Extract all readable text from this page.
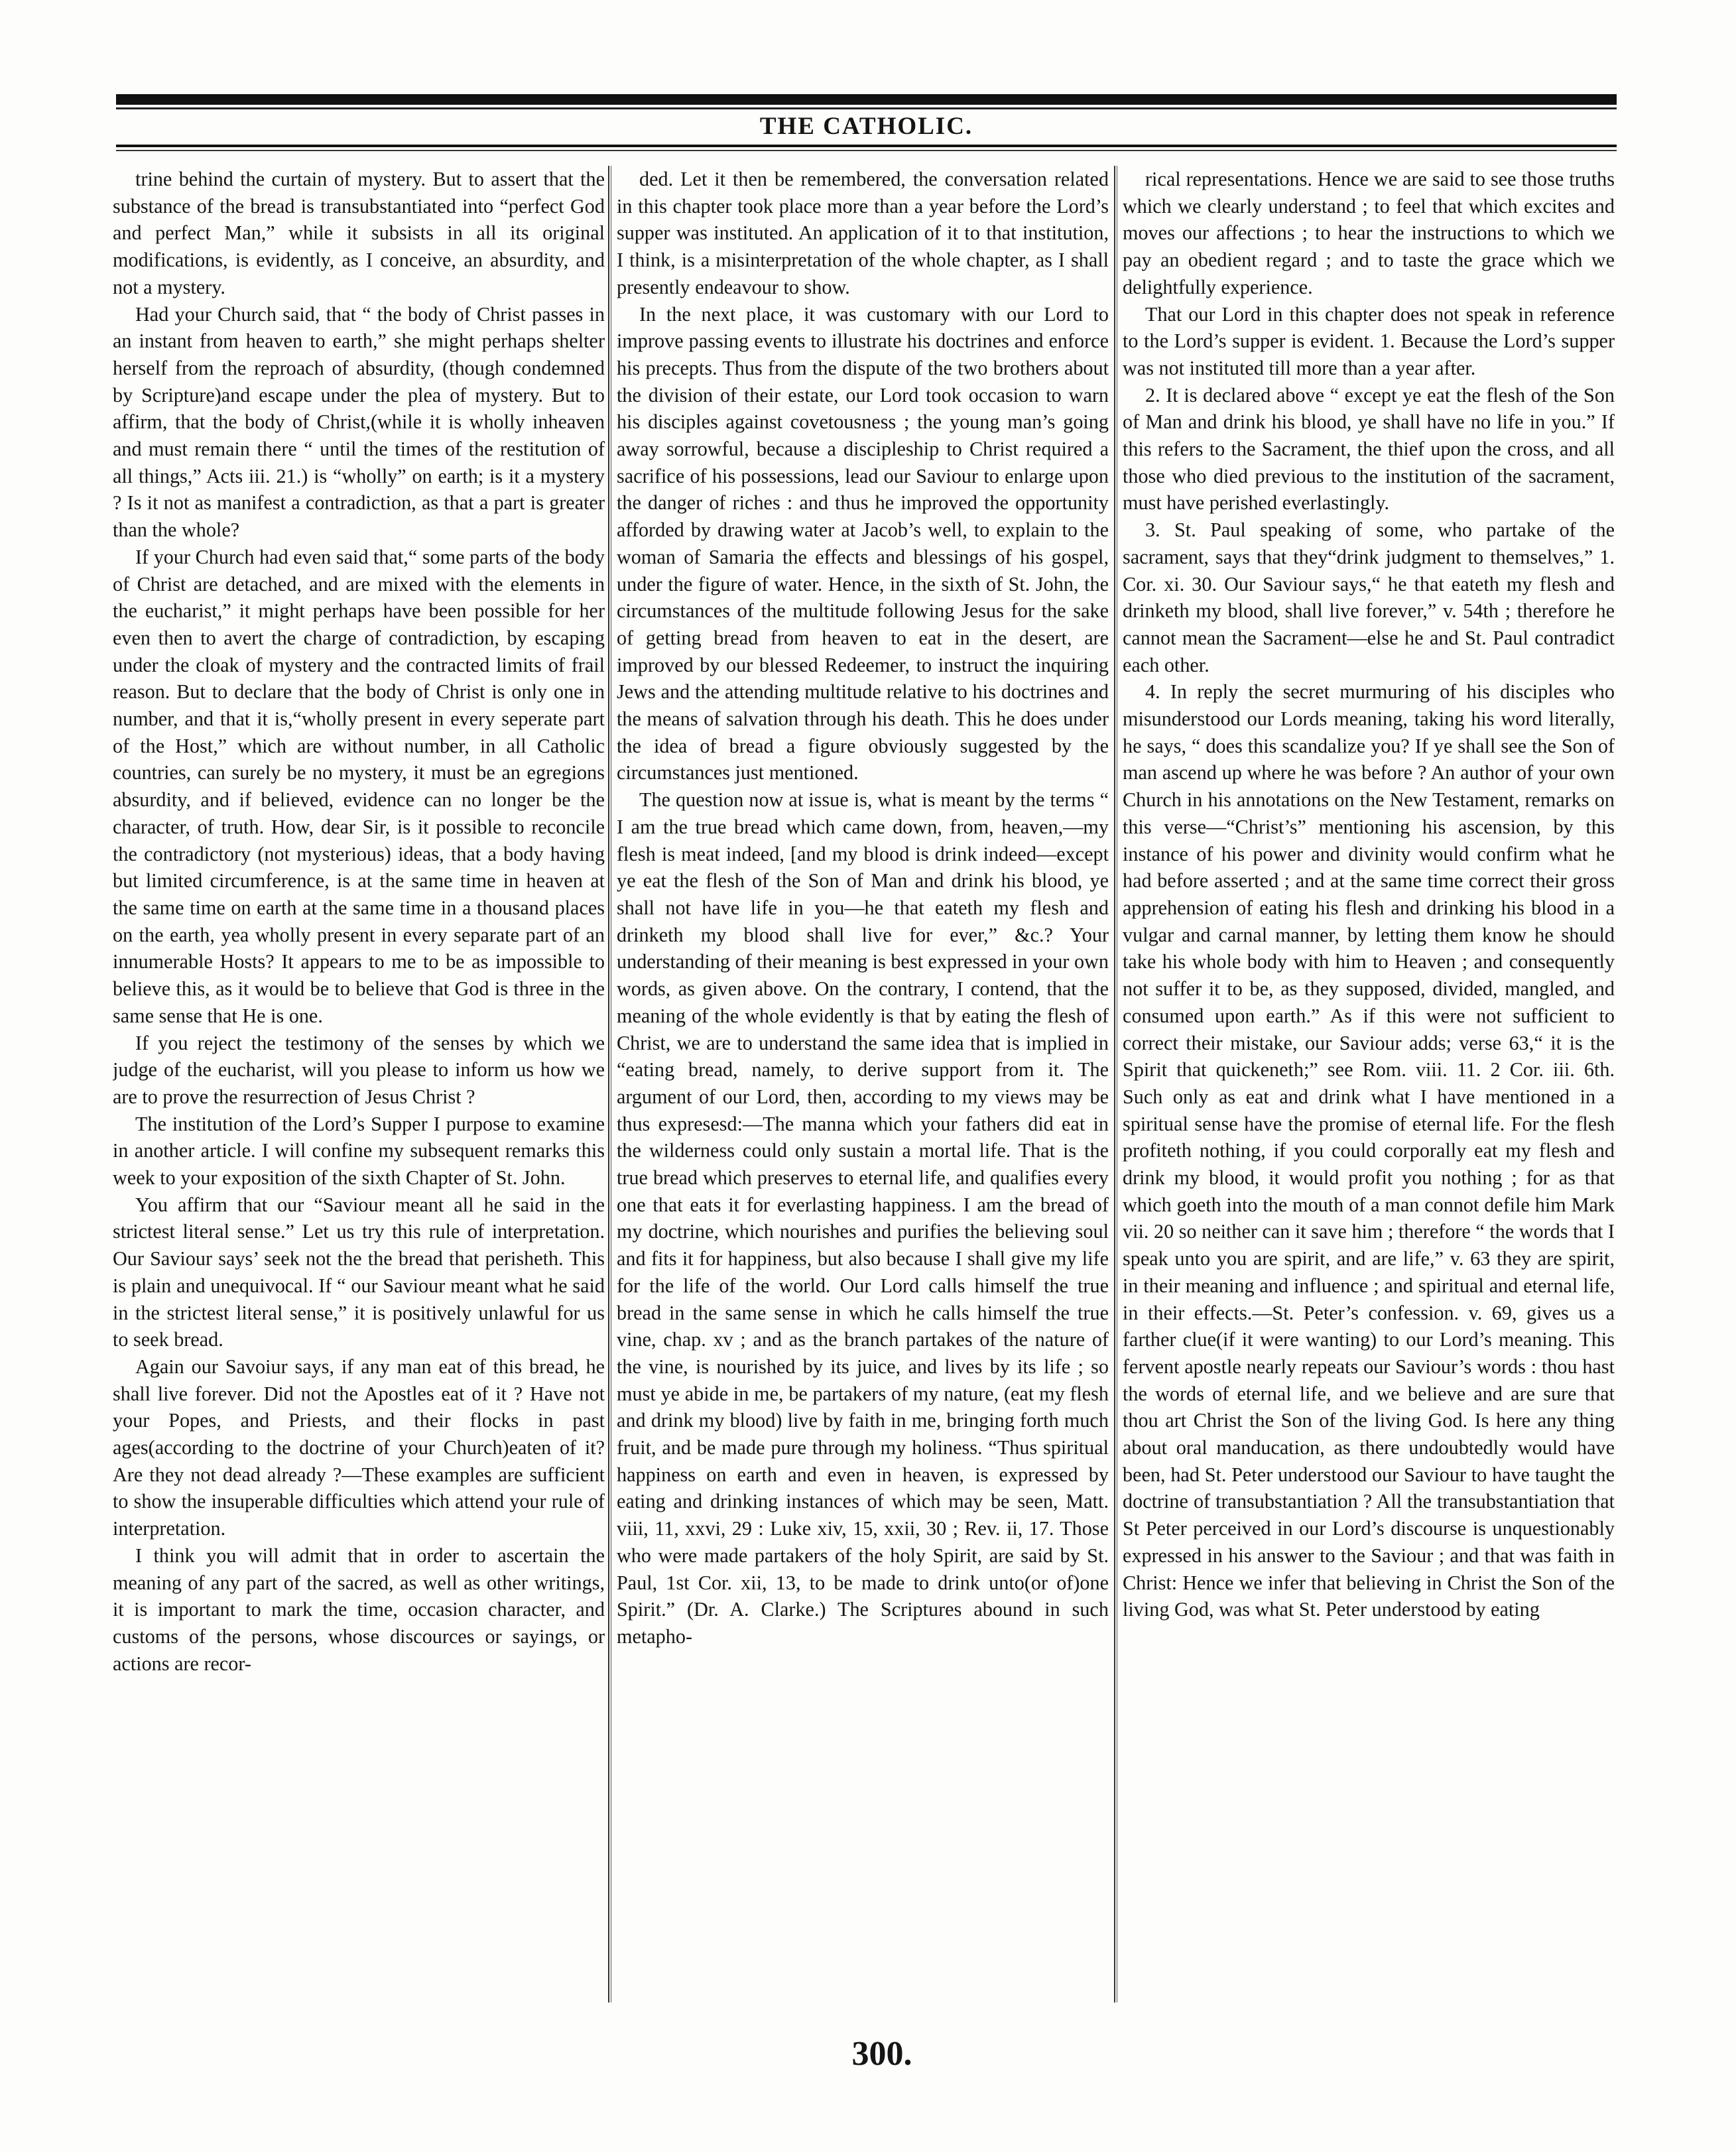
THE CATHOLIC.

trine behind the curtain of mystery. But to assert that the substance of the bread is transubstantiated into “perfect God and perfect Man,” while it subsists in all its original modifications, is evidently, as I conceive, an absurdity, and not a mystery.

Had your Church said, that “ the body of Christ passes in an instant from heaven to earth,” she might perhaps shelter herself from the reproach of absurdity, (though condemned by Scripture)and escape under the plea of mystery. But to affirm, that the body of Christ,(while it is wholly inheaven and must remain there “ until the times of the restitution of all things,” Acts iii. 21.) is “wholly” on earth; is it a mystery ? Is it not as manifest a contradiction, as that a part is greater than the whole?

If your Church had even said that,“ some parts of the body of Christ are detached, and are mixed with the elements in the eucharist,” it might perhaps have been possible for her even then to avert the charge of contradiction, by escaping under the cloak of mystery and the contracted limits of frail reason. But to declare that the body of Christ is only one in number, and that it is,“wholly present in every seperate part of the Host,” which are without number, in all Catholic countries, can surely be no mystery, it must be an egregions absurdity, and if believed, evidence can no longer be the character, of truth. How, dear Sir, is it possible to reconcile the contradictory (not mysterious) ideas, that a body having but limited circumference, is at the same time in heaven at the same time on earth at the same time in a thousand places on the earth, yea wholly present in every separate part of an innumerable Hosts? It appears to me to be as impossible to believe this, as it would be to believe that God is three in the same sense that He is one.

If you reject the testimony of the senses by which we judge of the eucharist, will you please to inform us how we are to prove the resurrection of Jesus Christ ?

The institution of the Lord’s Supper I purpose to examine in another article. I will confine my subsequent remarks this week to your exposition of the sixth Chapter of St. John.

You affirm that our “Saviour meant all he said in the strictest literal sense.” Let us try this rule of interpretation. Our Saviour says’ seek not the the bread that perisheth. This is plain and unequivocal. If “ our Saviour meant what he said in the strictest literal sense,” it is positively unlawful for us to seek bread.

Again our Savoiur says, if any man eat of this bread, he shall live forever. Did not the Apostles eat of it ? Have not your Popes, and Priests, and their flocks in past ages(according to the doctrine of your Church)eaten of it? Are they not dead already ?—These examples are sufficient to show the insuperable difficulties which attend your rule of interpretation.

I think you will admit that in order to ascertain the meaning of any part of the sacred, as well as other writings, it is important to mark the time, occasion character, and customs of the persons, whose discources or sayings, or actions are recor-

ded. Let it then be remembered, the conversation related in this chapter took place more than a year before the Lord’s supper was instituted. An application of it to that institution, I think, is a misinterpretation of the whole chapter, as I shall presently endeavour to show.

In the next place, it was customary with our Lord to improve passing events to illustrate his doctrines and enforce his precepts. Thus from the dispute of the two brothers about the division of their estate, our Lord took occasion to warn his disciples against covetousness ; the young man’s going away sorrowful, because a discipleship to Christ required a sacrifice of his possessions, lead our Saviour to enlarge upon the danger of riches : and thus he improved the opportunity afforded by drawing water at Jacob’s well, to explain to the woman of Samaria the effects and blessings of his gospel, under the figure of water. Hence, in the sixth of St. John, the circumstances of the multitude following Jesus for the sake of getting bread from heaven to eat in the desert, are improved by our blessed Redeemer, to instruct the inquiring Jews and the attending multitude relative to his doctrines and the means of salvation through his death. This he does under the idea of bread a figure obviously suggested by the circumstances just mentioned.

The question now at issue is, what is meant by the terms “ I am the true bread which came down, from, heaven,—my flesh is meat indeed, [and my blood is drink indeed—except ye eat the flesh of the Son of Man and drink his blood, ye shall not have life in you—he that eateth my flesh and drinketh my blood shall live for ever,” &c.? Your understanding of their meaning is best expressed in your own words, as given above. On the contrary, I contend, that the meaning of the whole evidently is that by eating the flesh of Christ, we are to understand the same idea that is implied in “eating bread, namely, to derive support from it. The argument of our Lord, then, according to my views may be thus expresesd:—The manna which your fathers did eat in the wilderness could only sustain a mortal life. That is the true bread which preserves to eternal life, and qualifies every one that eats it for everlasting happiness. I am the bread of my doctrine, which nourishes and purifies the believing soul and fits it for happiness, but also because I shall give my life for the life of the world. Our Lord calls himself the true bread in the same sense in which he calls himself the true vine, chap. xv ; and as the branch partakes of the nature of the vine, is nourished by its juice, and lives by its life ; so must ye abide in me, be partakers of my nature, (eat my flesh and drink my blood) live by faith in me, bringing forth much fruit, and be made pure through my holiness. “Thus spiritual happiness on earth and even in heaven, is expressed by eating and drinking instances of which may be seen, Matt. viii, 11, xxvi, 29 : Luke xiv, 15, xxii, 30 ; Rev. ii, 17. Those who were made partakers of the holy Spirit, are said by St. Paul, 1st Cor. xii, 13, to be made to drink unto(or of)one Spirit.” (Dr. A. Clarke.) The Scriptures abound in such metapho-

rical representations. Hence we are said to see those truths which we clearly understand ; to feel that which excites and moves our affections ; to hear the instructions to which we pay an obedient regard ; and to taste the grace which we delightfully experience.

That our Lord in this chapter does not speak in reference to the Lord’s supper is evident. 1. Because the Lord’s supper was not instituted till more than a year after.

2. It is declared above “ except ye eat the flesh of the Son of Man and drink his blood, ye shall have no life in you.” If this refers to the Sacrament, the thief upon the cross, and all those who died previous to the institution of the sacrament, must have perished everlastingly.

3. St. Paul speaking of some, who partake of the sacrament, says that they“drink judgment to themselves,” 1. Cor. xi. 30. Our Saviour says,“ he that eateth my flesh and drinketh my blood, shall live forever,” v. 54th ; therefore he cannot mean the Sacrament—else he and St. Paul contradict each other.

4. In reply the secret murmuring of his disciples who misunderstood our Lords meaning, taking his word literally, he says, “ does this scandalize you? If ye shall see the Son of man ascend up where he was before ? An author of your own Church in his annotations on the New Testament, remarks on this verse—“Christ’s” mentioning his ascension, by this instance of his power and divinity would confirm what he had before asserted ; and at the same time correct their gross apprehension of eating his flesh and drinking his blood in a vulgar and carnal manner, by letting them know he should take his whole body with him to Heaven ; and consequently not suffer it to be, as they supposed, divided, mangled, and consumed upon earth.” As if this were not sufficient to correct their mistake, our Saviour adds; verse 63,“ it is the Spirit that quickeneth;” see Rom. viii. 11. 2 Cor. iii. 6th. Such only as eat and drink what I have mentioned in a spiritual sense have the promise of eternal life. For the flesh profiteth nothing, if you could corporally eat my flesh and drink my blood, it would profit you nothing ; for as that which goeth into the mouth of a man connot defile him Mark vii. 20 so neither can it save him ; therefore “ the words that I speak unto you are spirit, and are life,” v. 63 they are spirit, in their meaning and influence ; and spiritual and eternal life, in their effects.—St. Peter’s confession. v. 69, gives us a farther clue(if it were wanting) to our Lord’s meaning. This fervent apostle nearly repeats our Saviour’s words : thou hast the words of eternal life, and we believe and are sure that thou art Christ the Son of the living God. Is here any thing about oral manducation, as there undoubtedly would have been, had St. Peter understood our Saviour to have taught the doctrine of transubstantiation ? All the transubstantiation that St Peter perceived in our Lord’s discourse is unquestionably expressed in his answer to the Saviour ; and that was faith in Christ: Hence we infer that believing in Christ the Son of the living God, was what St. Peter understood by eating

300.
